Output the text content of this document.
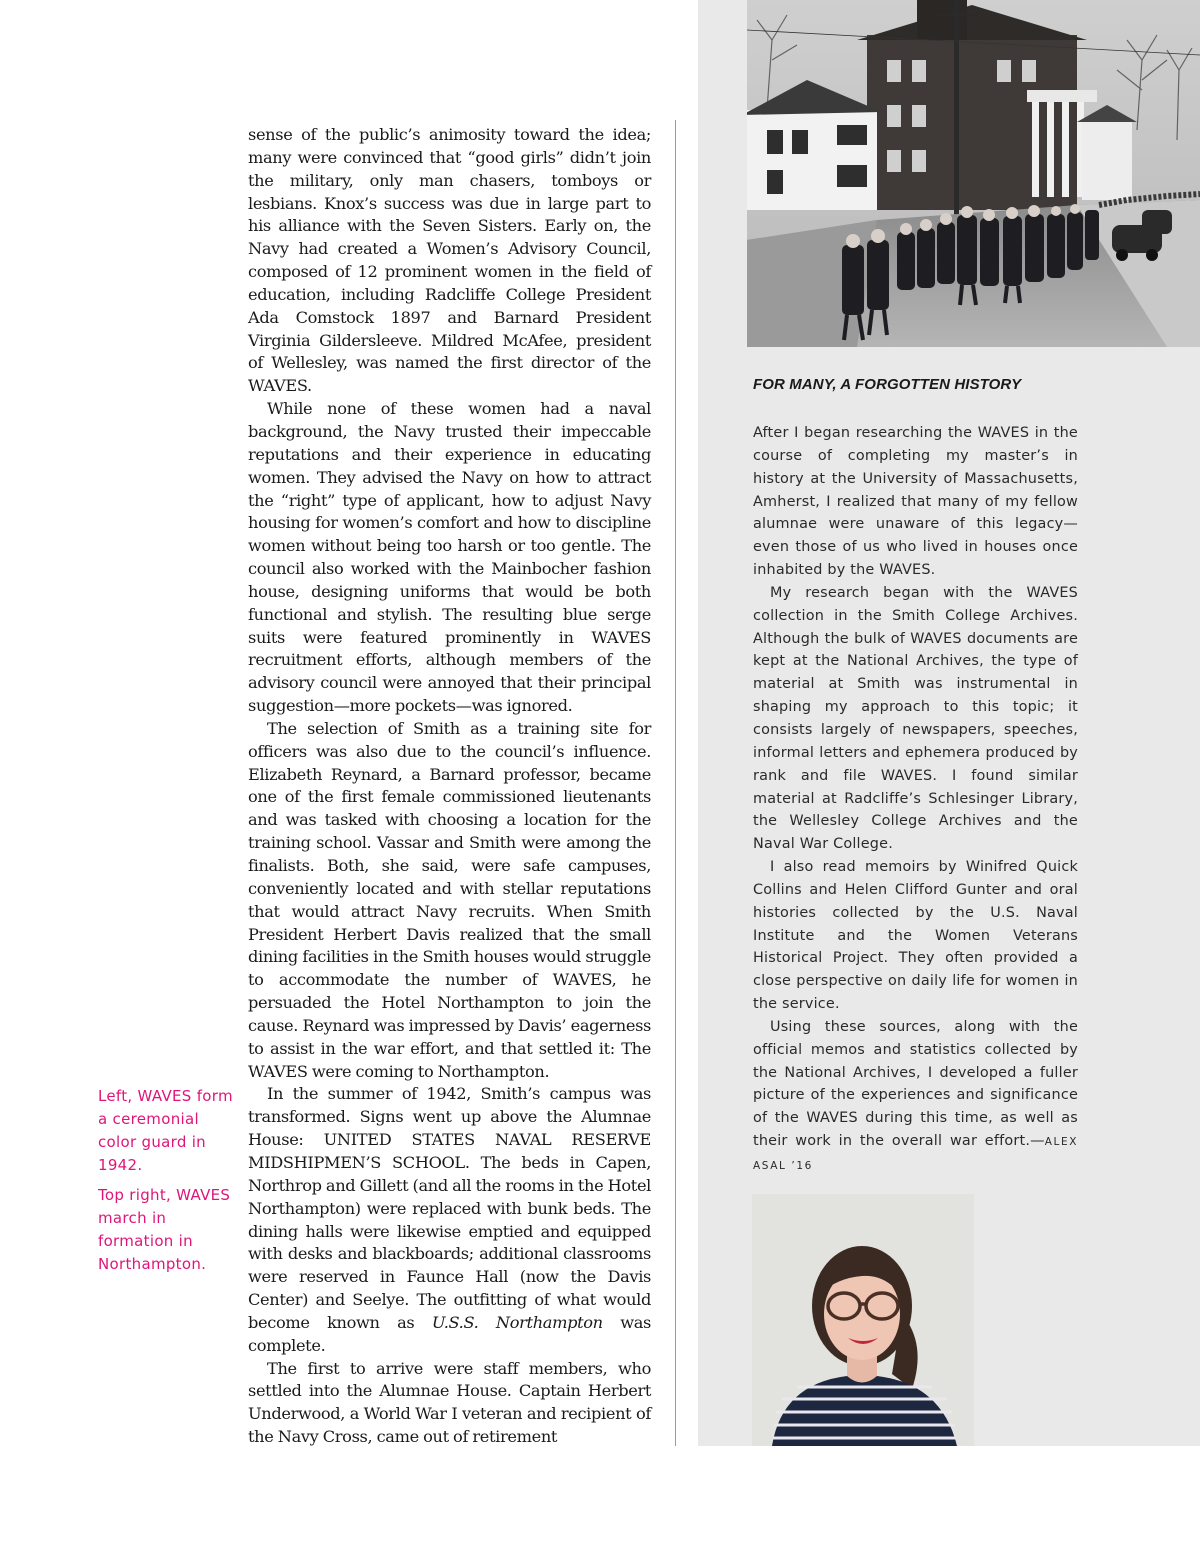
Left, WAVES form a ceremonial color guard in 1942.

Top right, WAVES march in formation in Northampton.

sense of the public’s animosity toward the idea; many were convinced that “good girls” didn’t join the military, only man chasers, tomboys or lesbians. Knox’s success was due in large part to his alliance with the Seven Sisters. Early on, the Navy had created a Women’s Advisory Council, composed of 12 prominent women in the field of education, including Radcliffe College President Ada Comstock 1897 and Barnard President Virginia Gildersleeve. Mildred McAfee, president of Wellesley, was named the first director of the WAVES.

While none of these women had a naval background, the Navy trusted their impeccable reputations and their experience in educating women. They advised the Navy on how to attract the “right” type of applicant, how to adjust Navy housing for women’s comfort and how to discipline women without being too harsh or too gentle. The council also worked with the Mainbocher fashion house, designing uniforms that would be both functional and stylish. The resulting blue serge suits were featured prominently in WAVES recruitment efforts, although members of the advisory council were annoyed that their principal suggestion—more pockets—was ignored.

The selection of Smith as a training site for officers was also due to the council’s influence. Elizabeth Reynard, a Barnard professor, became one of the first female commissioned lieutenants and was tasked with choosing a location for the training school. Vassar and Smith were among the finalists. Both, she said, were safe campuses, conveniently located and with stellar reputations that would attract Navy recruits. When Smith President Herbert Davis realized that the small dining facilities in the Smith houses would struggle to accommodate the number of WAVES, he persuaded the Hotel Northampton to join the cause. Reynard was impressed by Davis’ eagerness to assist in the war effort, and that settled it: The WAVES were coming to Northampton.

In the summer of 1942, Smith’s campus was transformed. Signs went up above the Alumnae House: UNITED STATES NAVAL RESERVE MIDSHIPMEN’S SCHOOL. The beds in Capen, Northrop and Gillett (and all the rooms in the Hotel Northampton) were replaced with bunk beds. The dining halls were likewise emptied and equipped with desks and blackboards; additional classrooms were reserved in Faunce Hall (now the Davis Center) and Seelye. The outfitting of what would become known as U.S.S. Northampton was complete.

The first to arrive were staff members, who settled into the Alumnae House. Captain Herbert Underwood, a World War I veteran and recipient of the Navy Cross, came out of retirement

FOR MANY, A FORGOTTEN HISTORY

After I began researching the WAVES in the course of completing my master’s in history at the University of Massachusetts, Amherst, I realized that many of my fellow alumnae were unaware of this legacy—even those of us who lived in houses once inhabited by the WAVES.

My research began with the WAVES collection in the Smith College Archives. Although the bulk of WAVES documents are kept at the National Archives, the type of material at Smith was instrumental in shaping my approach to this topic; it consists largely of newspapers, speeches, informal letters and ephemera produced by rank and file WAVES. I found similar material at Radcliffe’s Schlesinger Library, the Wellesley College Archives and the Naval War College.

I also read memoirs by Winifred Quick Collins and Helen Clifford Gunter and oral histories collected by the U.S. Naval Institute and the Women Veterans Historical Project. They often provided a close perspective on daily life for women in the service.

Using these sources, along with the official memos and statistics collected by the National Archives, I developed a fuller picture of the experiences and significance of the WAVES during this time, as well as their work in the overall war effort.—ALEX ASAL ’16
